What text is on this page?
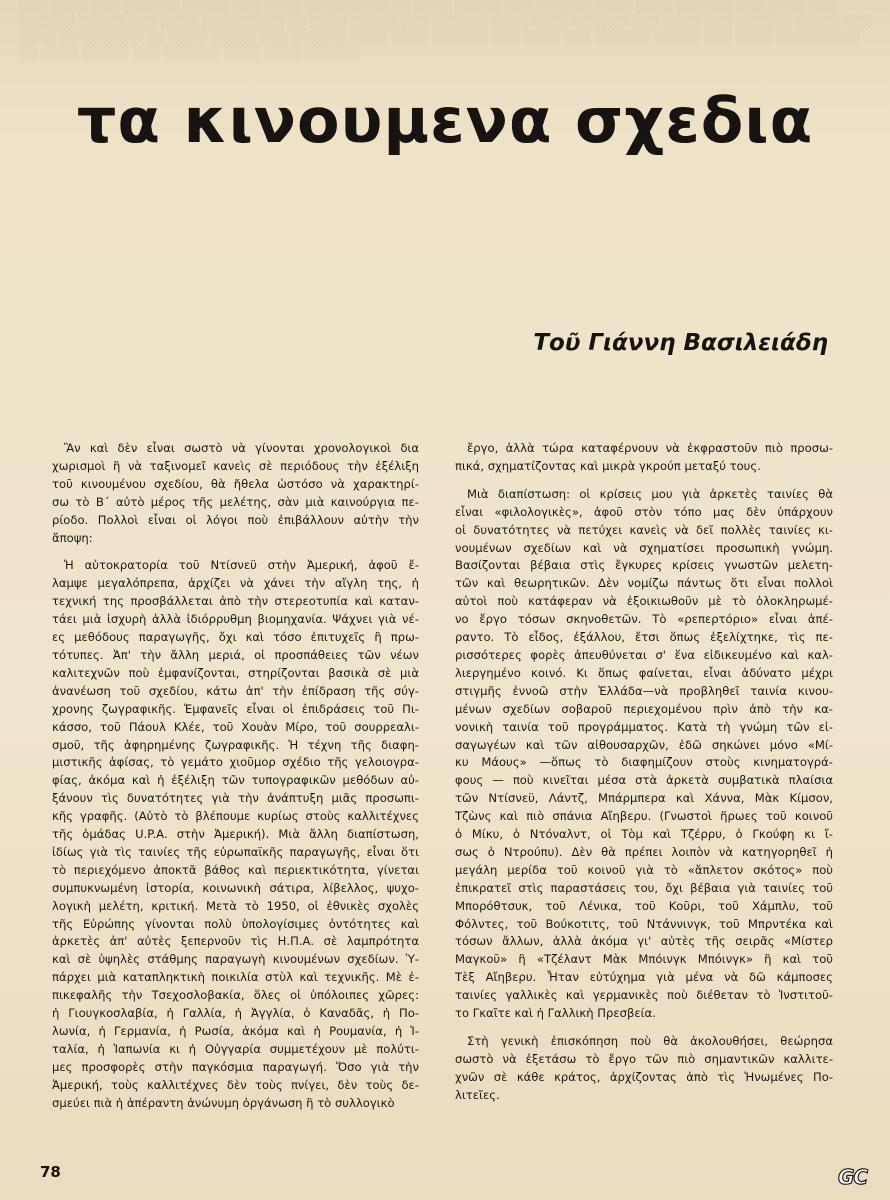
░░░ ░░░░ ░░░ ░░░░░░ ░░░░░ ░░░ ░░░░ ░░░░░░░░░ ░░ ░░░░ ░░░░░ ░░░ ░░░░░░ ░░░░ ░░░░ ░░░░░░ ░░░ ░░░░ ░░░ ░░░░░░ ░░░░░ ░░░ ░░░░ ░░░░░░░░░ ░░ ░░░░ ░░░░░ ░░░ ░░░░░░ ░░░░ ░░░░ ░░░░░░ ░░░ ░░░░ ░░░ ░░░░░░ ░░░░░ ░░░ ░░░░ ░░░░░░░░░ ░░ ░░░░ ░░░░░ ░░░ ░░░░░░ ░░░░ ░░░░ ░░░░░░ ░░░ ░░░░ ░░░ ░░░░░░ ░░░░░ ░░░ ░░░░ ░░░░░░░░░ ░░ ░░░░ ░░░░░ ░░░ ░░░░░░ ░░░░ ░░░░ ░░░░░░
τα κινουμενα σχεδια
Τοῦ Γιάννη Βασιλειάδη

Ἂν καὶ δὲν εἶναι σωστὸ νὰ γίνονται χρονολογικοὶ δια
χωρισμοὶ ἢ νὰ ταξινομεῖ κανεὶς σὲ περιόδους τὴν ἐξέλιξη
τοῦ κινουμένου σχεδίου, θὰ ἤθελα ὡστόσο νὰ χαρακτηρί-
σω τὸ Β΄ αὐτὸ μέρος τῆς μελέτης, σὰν μιὰ καινούργια πε-
ρίοδο. Πολλοὶ εἶναι οἱ λόγοι ποὺ ἐπιβάλλουν αὐτὴν τὴν
ἄποψη:

Ἡ αὐτοκρατορία τοῦ Ντίσνεϋ στὴν Ἀμερική, ἀφοῦ ἔ-
λαμψε μεγαλόπρεπα, ἀρχίζει νὰ χάνει τὴν αἴγλη της, ἡ
τεχνική της προσβάλλεται ἀπὸ τὴν στερεοτυπία καὶ καταν-
τάει μιὰ ἰσχυρὴ ἀλλὰ ἰδιόρρυθμη βιομηχανία. Ψάχνει γιὰ νέ-
ες μεθόδους παραγωγῆς, ὄχι καὶ τόσο ἐπιτυχεῖς ἢ πρω-
τότυπες. Ἀπ' τὴν ἄλλη μεριά, οἱ προσπάθειες τῶν νέων
καλιτεχνῶν ποὺ ἐμφανίζονται, στηρίζονται βασικὰ σὲ μιὰ
ἀνανέωση τοῦ σχεδίου, κάτω ἀπ' τὴν ἐπίδραση τῆς σύγ-
χρονης ζωγραφικῆς. Ἐμφανεῖς εἶναι οἱ ἐπιδράσεις τοῦ Πι-
κάσσο, τοῦ Πάουλ Κλέε, τοῦ Χουὰν Μίρο, τοῦ σουρρεαλι-
σμοῦ, τῆς ἀφηρημένης ζωγραφικῆς. Ἡ τέχνη τῆς διαφη-
μιστικῆς ἀφίσας, τὸ γεμάτο χιοῦμορ σχέδιο τῆς γελοιογρα-
φίας, ἀκόμα καὶ ἡ ἐξέλιξη τῶν τυπογραφικῶν μεθόδων αὐ-
ξάνουν τὶς δυνατότητες γιὰ τὴν ἀνάπτυξη μιᾶς προσωπι-
κῆς γραφῆς. (Αὐτὸ τὸ βλέπουμε κυρίως στοὺς καλλιτέχνες
τῆς ὁμάδας U.P.A. στὴν Ἀμερική). Μιὰ ἄλλη διαπίστωση,
ἰδίως γιὰ τὶς ταινίες τῆς εὐρωπαϊκῆς παραγωγῆς, εἶναι ὅτι
τὸ περιεχόμενο ἀποκτᾶ βάθος καὶ περιεκτικότητα, γίνεται
συμπυκνωμένη ἱστορία, κοινωνικὴ σάτιρα, λίβελλος, ψυχο-
λογικὴ μελέτη, κριτική. Μετὰ τὸ 1950, οἱ ἐθνικὲς σχολὲς
τῆς Εὐρώπης γίνονται πολὺ ὑπολογίσιμες ὀντότητες καὶ
ἀρκετὲς ἀπ' αὐτὲς ξεπερνοῦν τὶς Η.Π.Α. σὲ λαμπρότητα
καὶ σὲ ὑψηλὲς στάθμης παραγωγὴ κινουμένων σχεδίων. Ὑ-
πάρχει μιὰ καταπληκτικὴ ποικιλία στὺλ καὶ τεχνικῆς. Μὲ ἐ-
πικεφαλῆς τὴν Τσεχοσλοβακία, ὅλες οἱ ὑπόλοιπες χῶρες:
ἡ Γιουγκοσλαβία, ἡ Γαλλία, ἡ Ἀγγλία, ὁ Καναδᾶς, ἡ Πο-
λωνία, ἡ Γερμανία, ἡ Ρωσία, ἀκόμα καὶ ἡ Ρουμανία, ἡ Ἰ-
ταλία, ἡ Ἰαπωνία κι ἡ Οὐγγαρία συμμετέχουν μὲ πολύτι-
μες προσφορὲς στὴν παγκόσμια παραγωγή. Ὅσο γιὰ τὴν
Ἀμερική, τοὺς καλλιτέχνες δὲν τοὺς πνίγει, δὲν τοὺς δε-
σμεύει πιὰ ἡ ἀπέραντη ἀνώνυμη ὀργάνωση ἢ τὸ συλλογικὸ

ἔργο, ἀλλὰ τώρα καταφέρνουν νὰ ἐκφραστοῦν πιὸ προσω-
πικά, σχηματίζοντας καὶ μικρὰ γκρούπ μεταξύ τους.

Μιὰ διαπίστωση: οἱ κρίσεις μου γιὰ ἀρκετὲς ταινίες θὰ
εἶναι «φιλολογικὲς», ἀφοῦ στὸν τόπο μας δὲν ὑπάρχουν
οἱ δυνατότητες νὰ πετύχει κανεὶς νὰ δεῖ πολλὲς ταινίες κι-
νουμένων σχεδίων καὶ νὰ σχηματίσει προσωπικὴ γνώμη.
Βασίζονται βέβαια στὶς ἔγκυρες κρίσεις γνωστῶν μελετη-
τῶν καὶ θεωρητικῶν. Δὲν νομίζω πάντως ὅτι εἶναι πολλοὶ
αὐτοὶ ποὺ κατάφεραν νὰ ἐξοικιωθοῦν μὲ τὸ ὁλοκληρωμέ-
νο ἔργο τόσων σκηνοθετῶν. Τὸ «ρεπερτόριο» εἶναι ἀπέ-
ραντο. Τὸ εἶδος, ἐξάλλου, ἔτσι ὅπως ἐξελίχτηκε, τὶς πε-
ρισσότερες φορὲς ἀπευθύνεται σ' ἕνα εἰδικευμένο καὶ καλ-
λιεργημένο κοινό. Κι ὅπως φαίνεται, εἶναι ἀδύνατο μέχρι
στιγμῆς ἐννοῶ στὴν Ἑλλάδα—νὰ προβληθεῖ ταινία κινου-
μένων σχεδίων σοβαροῦ περιεχομένου πρὶν ἀπὸ τὴν κα-
νονικὴ ταινία τοῦ προγράμματος. Κατὰ τὴ γνώμη τῶν εἰ-
σαγωγέων καὶ τῶν αἰθουσαρχῶν, ἐδῶ σηκώνει μόνο «Μί-
κυ Μάους» —ὅπως τὸ διαφημίζουν στοὺς κινηματογρά-
φους — ποὺ κινεῖται μέσα στὰ ἀρκετὰ συμβατικὰ πλαίσια
τῶν Ντίσνεϋ, Λάντζ, Μπάρμπερα καὶ Χάννα, Μὰκ Κίμσον,
Τζὼνς καὶ πιὸ σπάνια Αἴηβερυ. (Γνωστοὶ ἥρωες τοῦ κοινοῦ
ὁ Μίκυ, ὁ Ντόναλντ, οἱ Τὸμ καὶ Τζέρρυ, ὁ Γκούφη κι ἴ-
σως ὁ Ντρούπυ). Δὲν θὰ πρέπει λοιπὸν νὰ κατηγορηθεῖ ἡ
μεγάλη μερίδα τοῦ κοινοῦ γιὰ τὸ «ἄπλετον σκότος» ποὺ
ἐπικρατεῖ στὶς παραστάσεις του, ὄχι βέβαια γιὰ ταινίες τοῦ
Μπορόθτσυκ, τοῦ Λένικα, τοῦ Κοῦρι, τοῦ Χάμπλυ, τοῦ
Φόλντες, τοῦ Βούκοτιτς, τοῦ Ντάννινγκ, τοῦ Μπρντέκα καὶ
τόσων ἄλλων, ἀλλὰ ἀκόμα γι' αὐτὲς τῆς σειρᾶς «Μίστερ
Μαγκοῦ» ἢ «Τζέλαντ Μὰκ Μπόινγκ Μπόινγκ» ἢ καὶ τοῦ
Τὲξ Αἴηβερυ. Ἦταν εὐτύχημα γιὰ μένα νὰ δῶ κάμποσες
ταινίες γαλλικὲς καὶ γερμανικὲς ποὺ διέθεταν τὸ Ἰνστιτοῦ-
το Γκαῖτε καὶ ἡ Γαλλικὴ Πρεσβεία.

Στὴ γενικὴ ἐπισκόπηση ποὺ θὰ ἀκολουθήσει, θεώρησα
σωστὸ νὰ ἐξετάσω τὸ ἔργο τῶν πιὸ σημαντικῶν καλλιτε-
χνῶν σὲ κάθε κράτος, ἀρχίζοντας ἀπὸ τὶς Ἡνωμένες Πο-
λιτεῖες.

78	GC
